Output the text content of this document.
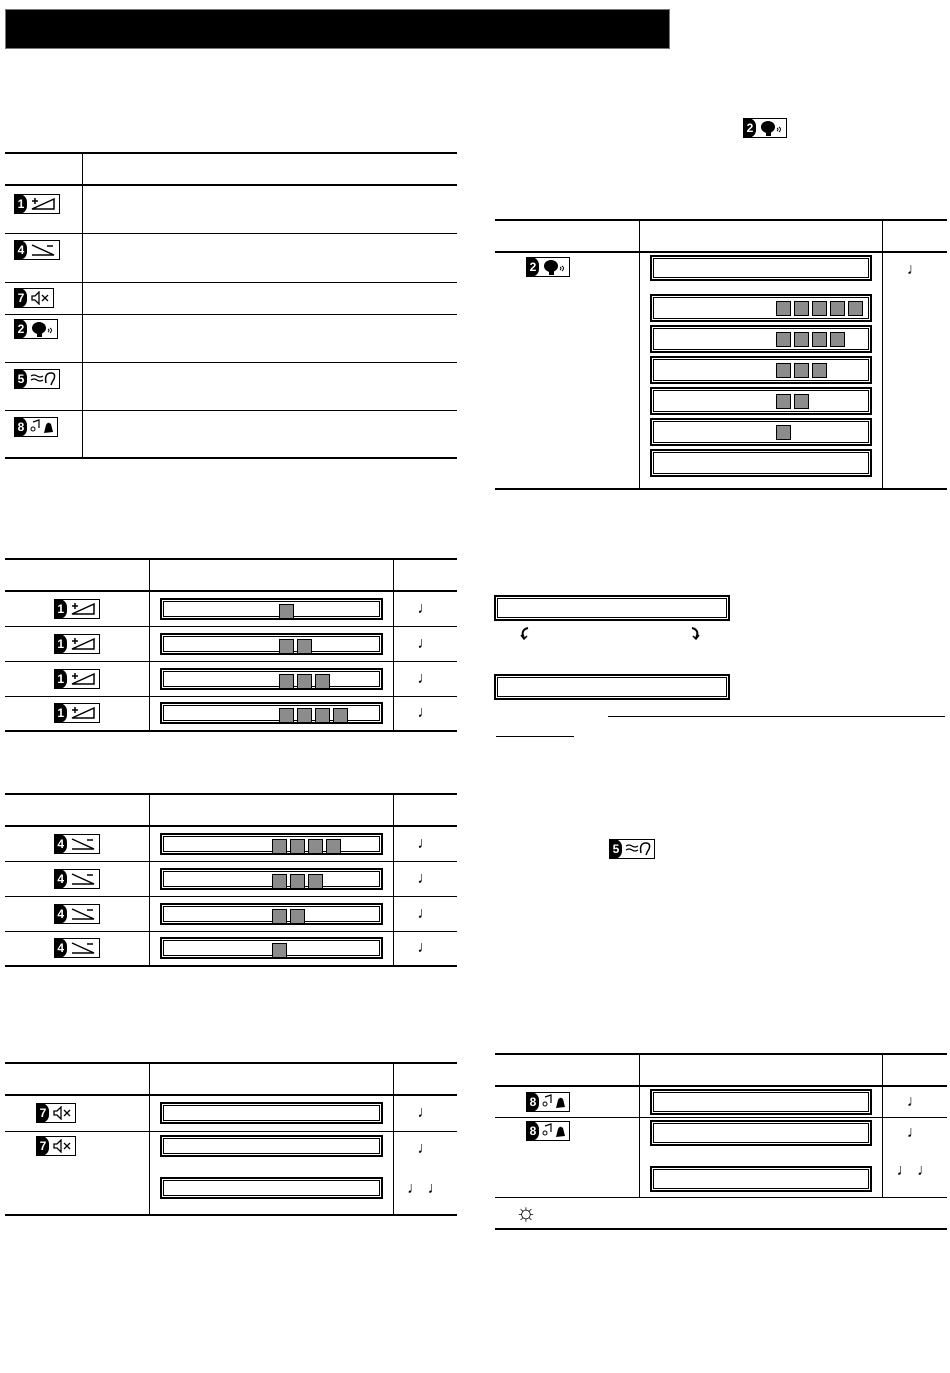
1	

4	

7	

2	

5	

8	

1		♩

1		♩

1		♩

1		♩

4		♩

4		♩

4		♩

4		♩

7		♩

7		♩
♩ ♩
2

2		♩
5

8		♩

8		♩
♩ ♩

☼		
